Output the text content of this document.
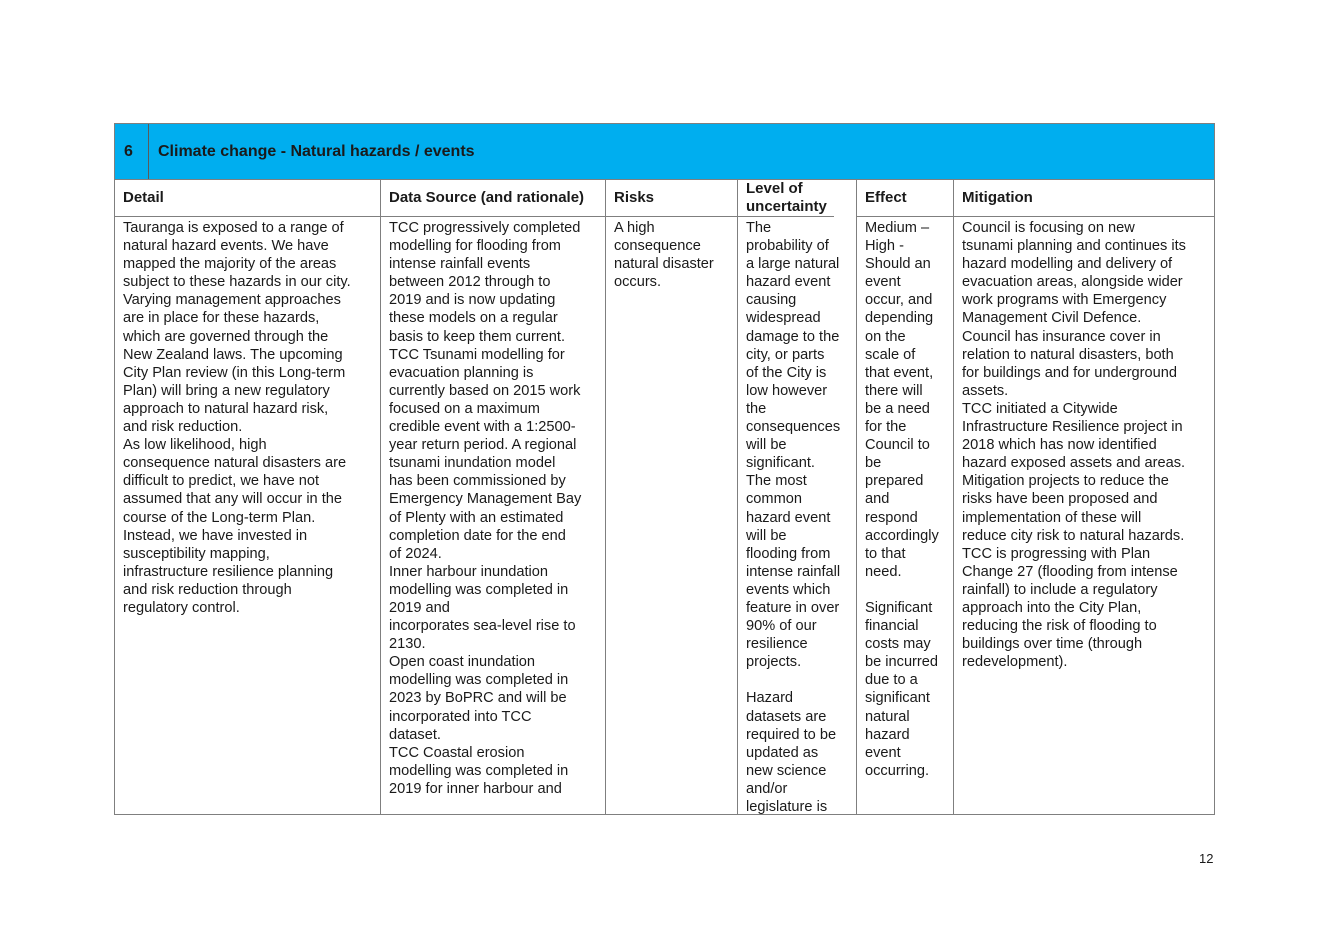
6	Climate change - Natural hazards / events
Detail
Tauranga is exposed to a range of
natural hazard events. We have
mapped the majority of the areas
subject to these hazards in our city.
Varying management approaches
are in place for these hazards,
which are governed through the
New Zealand laws. The upcoming
City Plan review (in this Long-term
Plan) will bring a new regulatory
approach to natural hazard risk,
and risk reduction.
As low likelihood, high
consequence natural disasters are
difficult to predict, we have not
assumed that any will occur in the
course of the Long-term Plan.
Instead, we have invested in
susceptibility mapping,
infrastructure resilience planning
and risk reduction through
regulatory control.
Data Source (and rationale)
TCC progressively completed
modelling for flooding from
intense rainfall events
between 2012 through to
2019 and is now updating
these models on a regular
basis to keep them current.
TCC Tsunami modelling for
evacuation planning is
currently based on 2015 work
focused on a maximum
credible event with a 1:2500-
year return period. A regional
tsunami inundation model
has been commissioned by
Emergency Management Bay
of Plenty with an estimated
completion date for the end
of 2024.
Inner harbour inundation
modelling was completed in
2019 and
incorporates sea-level rise to
2130.
Open coast inundation
modelling was completed in
2023 by BoPRC and will be
incorporated into TCC
dataset.
TCC Coastal erosion
modelling was completed in
2019 for inner harbour and
Risks
A high
consequence
natural disaster
occurs.
Level of uncertainty
The
probability of
a large natural
hazard event
causing
widespread
damage to the
city, or parts
of the City is
low however
the
consequences
will be
significant.
The most
common
hazard event
will be
flooding from
intense rainfall
events which
feature in over
90% of our
resilience
projects.

Hazard
datasets are
required to be
updated as
new science
and/or
legislature is
Effect
Medium –
High -
Should an
event
occur, and
depending
on the
scale of
that event,
there will
be a need
for the
Council to
be
prepared
and
respond
accordingly
to that
need.

Significant
financial
costs may
be incurred
due to a
significant
natural
hazard
event
occurring.
Mitigation
Council is focusing on new
tsunami planning and continues its
hazard modelling and delivery of
evacuation areas, alongside wider
work programs with Emergency
Management Civil Defence.
Council has insurance cover in
relation to natural disasters, both
for buildings and for underground
assets.
TCC initiated a Citywide
Infrastructure Resilience project in
2018 which has now identified
hazard exposed assets and areas.
Mitigation projects to reduce the
risks have been proposed and
implementation of these will
reduce city risk to natural hazards.
TCC is progressing with Plan
Change 27 (flooding from intense
rainfall) to include a regulatory
approach into the City Plan,
reducing the risk of flooding to
buildings over time (through
redevelopment).
12
